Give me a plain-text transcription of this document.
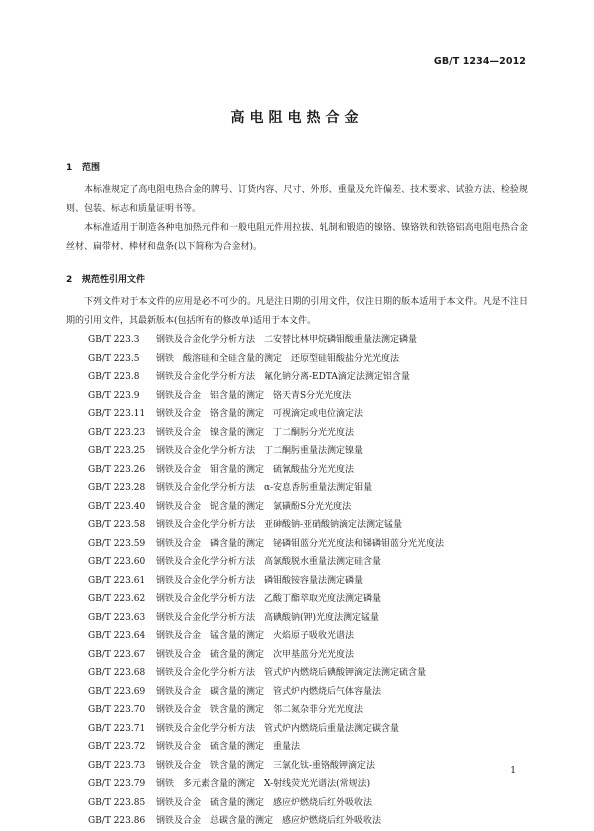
GB/T 1234—2012
高电阻电热合金
1 范围
本标准规定了高电阻电热合金的牌号、订货内容、尺寸、外形、重量及允许偏差、技术要求、试验方法、检验规则、包装、标志和质量证明书等。
本标准适用于制造各种电加热元件和一般电阻元件用拉拔、轧制和锻造的镍铬、镍铬铁和铁铬铝高电阻电热合金丝材、扁带材、棒材和盘条(以下简称为合金材)。
2 规范性引用文件
下列文件对于本文件的应用是必不可少的。凡是注日期的引用文件，仅注日期的版本适用于本文件。凡是不注日期的引用文件，其最新版本(包括所有的修改单)适用于本文件。
GB/T 223.3 钢铁及合金化学分析方法　二安替比林甲烷磷钼酸重量法测定磷量
GB/T 223.5 钢铁　酸溶硅和全硅含量的测定　还原型硅钼酸盐分光光度法
GB/T 223.8 钢铁及合金化学分析方法　氟化钠分离-EDTA滴定法测定铝含量
GB/T 223.9 钢铁及合金　铝含量的测定　铬天青S分光光度法
GB/T 223.11 钢铁及合金　铬含量的测定　可视滴定或电位滴定法
GB/T 223.23 钢铁及合金　镍含量的测定　丁二酮肟分光光度法
GB/T 223.25 钢铁及合金化学分析方法　丁二酮肟重量法测定镍量
GB/T 223.26 钢铁及合金　钼含量的测定　硫氰酸盐分光光度法
GB/T 223.28 钢铁及合金化学分析方法　α-安息香肟重量法测定钼量
GB/T 223.40 钢铁及合金　铌含量的测定　氯磺酚S分光光度法
GB/T 223.58 钢铁及合金化学分析方法　亚砷酸钠-亚硝酸钠滴定法测定锰量
GB/T 223.59 钢铁及合金　磷含量的测定　铋磷钼蓝分光光度法和锑磷钼蓝分光光度法
GB/T 223.60 钢铁及合金化学分析方法　高氯酸脱水重量法测定硅含量
GB/T 223.61 钢铁及合金化学分析方法　磷钼酸铵容量法测定磷量
GB/T 223.62 钢铁及合金化学分析方法　乙酸丁酯萃取光度法测定磷量
GB/T 223.63 钢铁及合金化学分析方法　高碘酸钠(钾)光度法测定锰量
GB/T 223.64 钢铁及合金　锰含量的测定　火焰原子吸收光谱法
GB/T 223.67 钢铁及合金　硫含量的测定　次甲基蓝分光光度法
GB/T 223.68 钢铁及合金化学分析方法　管式炉内燃烧后碘酸钾滴定法测定硫含量
GB/T 223.69 钢铁及合金　碳含量的测定　管式炉内燃烧后气体容量法
GB/T 223.70 钢铁及合金　铁含量的测定　邻二氮杂菲分光光度法
GB/T 223.71 钢铁及合金化学分析方法　管式炉内燃烧后重量法测定碳含量
GB/T 223.72 钢铁及合金　硫含量的测定　重量法
GB/T 223.73 钢铁及合金　铁含量的测定　三氯化钛-重铬酸钾滴定法
GB/T 223.79 钢铁　多元素含量的测定　X-射线荧光光谱法(常规法)
GB/T 223.85 钢铁及合金　硫含量的测定　感应炉燃烧后红外吸收法
GB/T 223.86 钢铁及合金　总碳含量的测定　感应炉燃烧后红外吸收法
1
